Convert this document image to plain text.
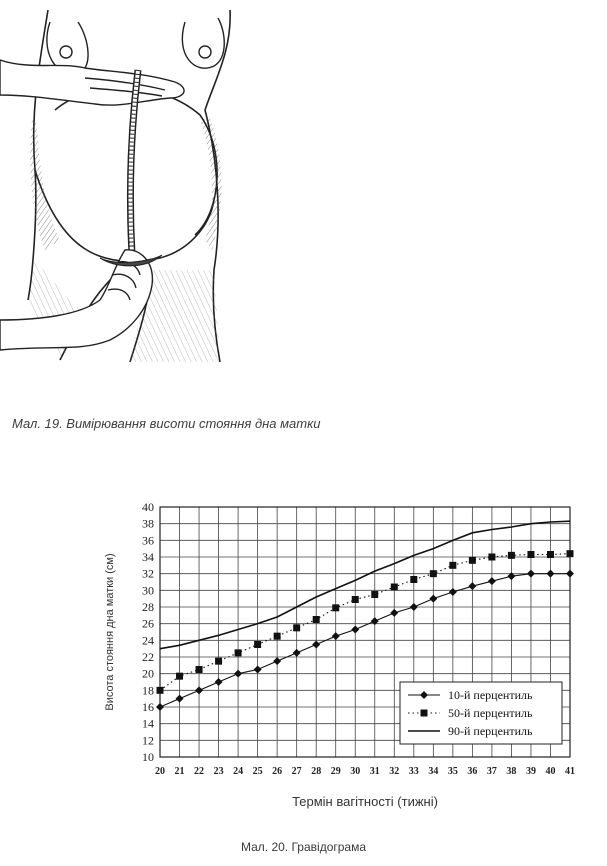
Мал. 19. Вимірювання висоти стояння дна матки
10
12
14
16
18
20
22
24
26
28
30
32
34
36
38
40
20 21 22 23 24 25 26 27 28 29 30 31 32 33 34 35 36 37 38 39 40 41
Висота стояння дна матки (см)
Термін вагітності (тижні)
10-й перцентиль
50-й перцентиль
90-й перцентиль
Мал. 20. Гравідограма
